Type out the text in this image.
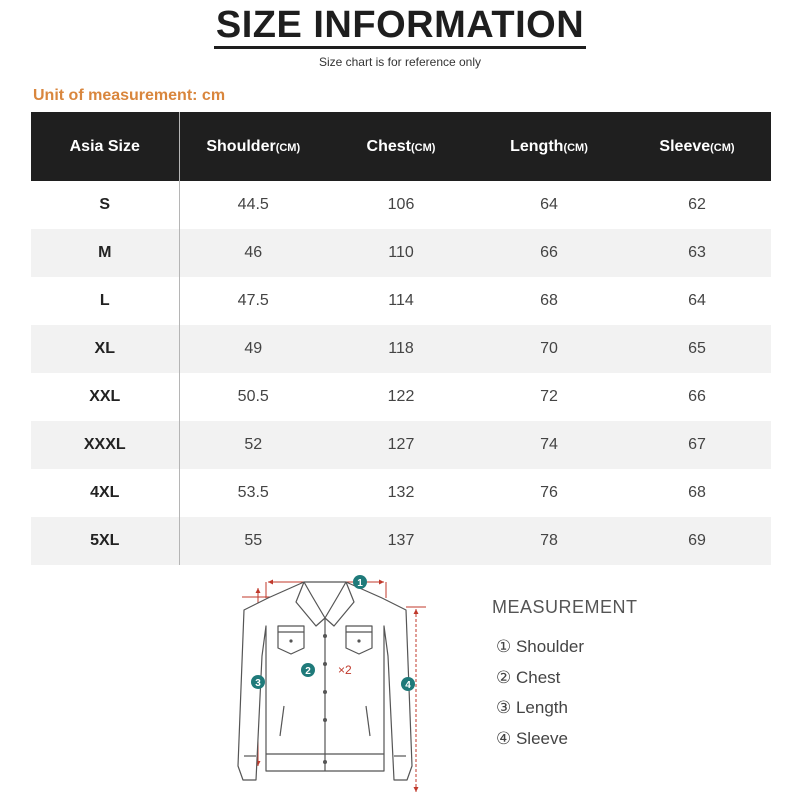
SIZE INFORMATION
Size chart is for reference only
Unit of measurement: cm
Asia Size	Shoulder(CM)	Chest(CM)	Length(CM)	Sleeve(CM)
S	44.5	106	64	62
M	46	110	66	63
L	47.5	114	68	64
XL	49	118	70	65
XXL	50.5	122	72	66
XXXL	52	127	74	67
4XL	53.5	132	76	68
5XL	55	137	78	69
1
2 ×2
3	4
MEASUREMENT
① Shoulder
② Chest
③ Length
④ Sleeve
